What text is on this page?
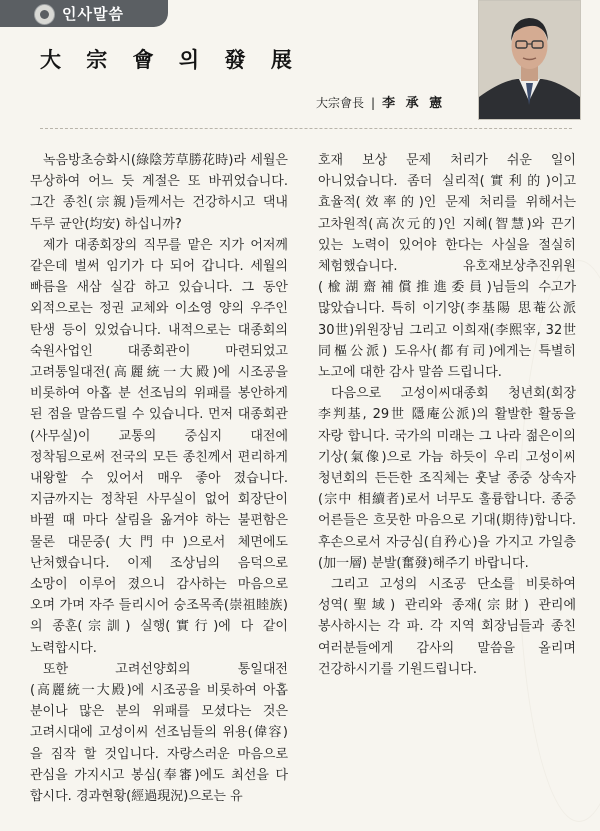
인사말씀
大 宗 會 의 發 展
大宗會長 | 李 承 憲

녹음방초승화시(綠陰芳草勝花時)라 세월은 무상하여 어느 듯 계절은 또 바뀌었습니다. 그간 종친(宗親)들께서는 건강하시고 댁내 두루 균안(均安) 하십니까?

제가 대종회장의 직무를 맡은 지가 어저께 같은데 벌써 임기가 다 되어 갑니다. 세월의 빠름을 새삼 실감 하고 있습니다. 그 동안 외적으로는 정권 교체와 이소영 양의 우주인 탄생 등이 있었습니다. 내적으로는 대종회의 숙원사업인 대종회관이 마련되었고 고려통일대전(高麗統一大殿)에 시조공을 비롯하여 아홉 분 선조님의 위패를 봉안하게 된 점을 말씀드릴 수 있습니다. 먼저 대종회관(사무실)이 교통의 중심지 대전에 정착됨으로써 전국의 모든 종친께서 편리하게 내왕할 수 있어서 매우 좋아 졌습니다. 지금까지는 정착된 사무실이 없어 회장단이 바뀔 때 마다 살림을 옮겨야 하는 불편함은 물론 대문중(大門中)으로서 체면에도 난처했습니다. 이제 조상님의 음덕으로 소망이 이루어 졌으니 감사하는 마음으로 오며 가며 자주 들리시어 숭조목족(崇祖睦族)의 종훈(宗訓) 실행(實行)에 다 같이 노력합시다.

또한 고려선양회의 통일대전(高麗統一大殿)에 시조공을 비롯하여 아홉 분이나 많은 분의 위패를 모셨다는 것은 고려시대에 고성이씨 선조님들의 위용(偉容)을 짐작 할 것입니다. 자랑스러운 마음으로 관심을 가지시고 봉심(奉審)에도 최선을 다 합시다. 경과현황(經過現況)으로는 유

호재 보상 문제 처리가 쉬운 일이 아니었습니다. 좀더 실리적(實利的)이고 효율적(效率的)인 문제 처리를 위해서는 고차원적(高次元的)인 지혜(智慧)와 끈기 있는 노력이 있어야 한다는 사실을 절실히 체험했습니다. 유호재보상추진위원(楡湖齋補償推進委員)님들의 수고가 많았습니다. 특히 이기양(李基陽 思菴公派 30世)위원장님 그리고 이희재(李熙宰, 32世 同樞公派) 도유사(都有司)에게는 특별히 노고에 대한 감사 말씀 드립니다.

다음으로 고성이씨대종회 청년회(회장 李判基, 29世 隱庵公派)의 활발한 활동을 자랑 합니다. 국가의 미래는 그 나라 젊은이의 기상(氣像)으로 가늠 하듯이 우리 고성이씨 청년회의 든든한 조직체는 훗날 종중 상속자(宗中 相續者)로서 너무도 훌륭합니다. 종중 어른들은 흐뭇한 마음으로 기대(期待)합니다. 후손으로서 자긍심(自矜心)을 가지고 가일층(加一層) 분발(奮發)해주기 바랍니다.

그리고 고성의 시조공 단소를 비롯하여 성역(聖域) 관리와 종재(宗財) 관리에 봉사하시는 각 파. 각 지역 회장님들과 종친 여러분들에게 감사의 말씀을 올리며 건강하시기를 기원드립니다.
